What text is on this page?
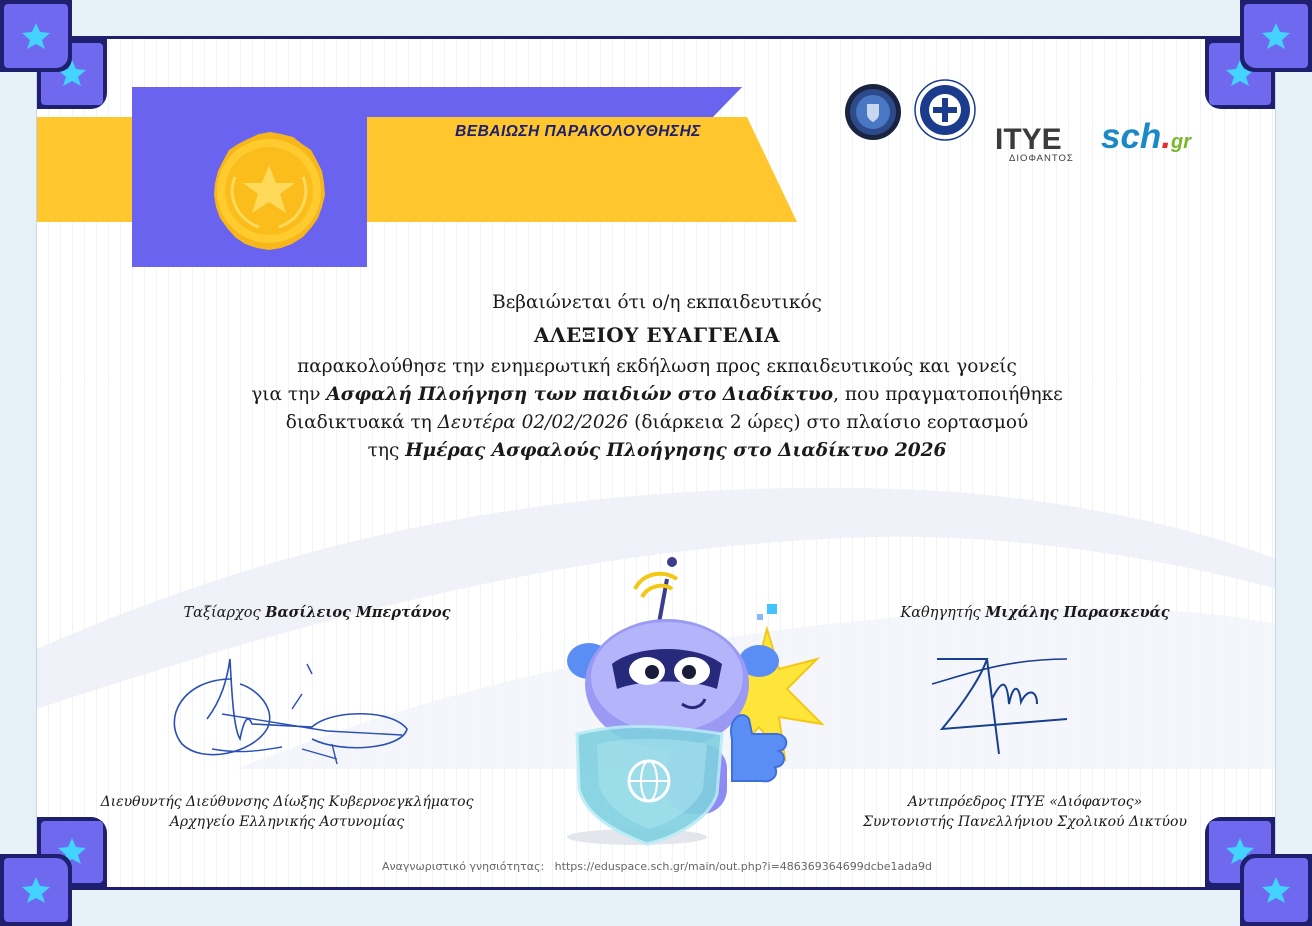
ΒΕΒΑΙΩΣΗ ΠΑΡΑΚΟΛΟΥΘΗΣΗΣ	ΙΤΥΕ
ΔΙΟΦΑΝΤΟΣ
sch.gr
Βεβαιώνεται ότι ο/η εκπαιδευτικός
ΑΛΕΞΙΟΥ ΕΥΑΓΓΕΛΙΑ
παρακολούθησε την ενημερωτική εκδήλωση προς εκπαιδευτικούς και γονείς
για την Ασφαλή Πλοήγηση των παιδιών στο Διαδίκτυο, που πραγματοποιήθηκε
διαδικτυακά τη Δευτέρα 02/02/2026 (διάρκεια 2 ώρες) στο πλαίσιο εορτασμού
της Ημέρας Ασφαλούς Πλοήγησης στο Διαδίκτυο 2026
Ταξίαρχος Βασίλειος Μπερτάνος
Διευθυντής Διεύθυνσης Δίωξης Κυβερνοεγκλήματος
Αρχηγείο Ελληνικής Αστυνομίας
Καθηγητής Μιχάλης Παρασκευάς
Αντιπρόεδρος ΙΤΥΕ «Διόφαντος»
Συντονιστής Πανελλήνιου Σχολικού Δικτύου
Αναγνωριστικό γνησιότητας: https://eduspace.sch.gr/main/out.php?i=486369364699dcbe1ada9d
